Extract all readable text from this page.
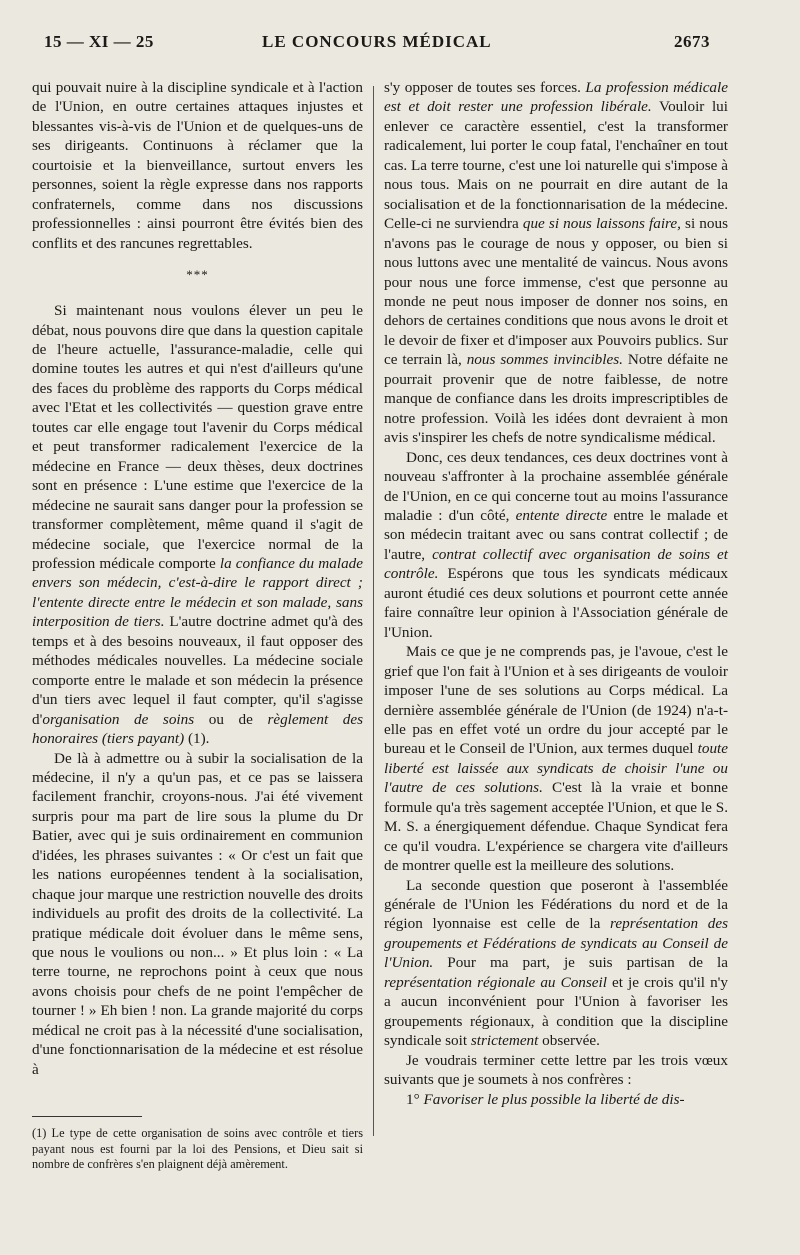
15 — XI — 25	LE CONCOURS MÉDICAL	2673

qui pouvait nuire à la discipline syndicale et à l'action de l'Union, en outre certaines attaques injustes et blessantes vis-à-vis de l'Union et de quelques-uns de ses dirigeants. Continuons à réclamer que la courtoisie et la bienveillance, surtout envers les personnes, soient la règle expresse dans nos rapports confraternels, comme dans nos discussions professionnelles : ainsi pourront être évités bien des conflits et des rancunes regrettables.

***

Si maintenant nous voulons élever un peu le débat, nous pouvons dire que dans la question capitale de l'heure actuelle, l'assurance-maladie, celle qui domine toutes les autres et qui n'est d'ailleurs qu'une des faces du problème des rapports du Corps médical avec l'Etat et les collectivités — question grave entre toutes car elle engage tout l'avenir du Corps médical et peut transformer radicalement l'exercice de la médecine en France — deux thèses, deux doctrines sont en présence : L'une estime que l'exercice de la médecine ne saurait sans danger pour la profession se transformer complètement, même quand il s'agit de médecine sociale, que l'exercice normal de la profession médicale comporte la confiance du malade envers son médecin, c'est-à-dire le rapport direct ; l'entente directe entre le médecin et son malade, sans interposition de tiers. L'autre doctrine admet qu'à des temps et à des besoins nouveaux, il faut opposer des méthodes médicales nouvelles. La médecine sociale comporte entre le malade et son médecin la présence d'un tiers avec lequel il faut compter, qu'il s'agisse d'organisation de soins ou de règlement des honoraires (tiers payant) (1).

De là à admettre ou à subir la socialisation de la médecine, il n'y a qu'un pas, et ce pas se laissera facilement franchir, croyons-nous. J'ai été vivement surpris pour ma part de lire sous la plume du Dr Batier, avec qui je suis ordinairement en communion d'idées, les phrases suivantes : « Or c'est un fait que les nations européennes tendent à la socialisation, chaque jour marque une restriction nouvelle des droits individuels au profit des droits de la collectivité. La pratique médicale doit évoluer dans le même sens, que nous le voulions ou non... » Et plus loin : « La terre tourne, ne reprochons point à ceux que nous avons choisis pour chefs de ne point l'empêcher de tourner ! » Eh bien ! non. La grande majorité du corps médical ne croit pas à la nécessité d'une socialisation, d'une fonctionnarisation de la médecine et est résolue à

s'y opposer de toutes ses forces. La profession médicale est et doit rester une profession libérale. Vouloir lui enlever ce caractère essentiel, c'est la transformer radicalement, lui porter le coup fatal, l'enchaîner en tout cas. La terre tourne, c'est une loi naturelle qui s'impose à nous tous. Mais on ne pourrait en dire autant de la socialisation et de la fonctionnarisation de la médecine. Celle-ci ne surviendra que si nous laissons faire, si nous n'avons pas le courage de nous y opposer, ou bien si nous luttons avec une mentalité de vaincus. Nous avons pour nous une force immense, c'est que personne au monde ne peut nous imposer de donner nos soins, en dehors de certaines conditions que nous avons le droit et le devoir de fixer et d'imposer aux Pouvoirs publics. Sur ce terrain là, nous sommes invincibles. Notre défaite ne pourrait provenir que de notre faiblesse, de notre manque de confiance dans les droits imprescriptibles de notre profession. Voilà les idées dont devraient à mon avis s'inspirer les chefs de notre syndicalisme médical.

Donc, ces deux tendances, ces deux doctrines vont à nouveau s'affronter à la prochaine assemblée générale de l'Union, en ce qui concerne tout au moins l'assurance maladie : d'un côté, entente directe entre le malade et son médecin traitant avec ou sans contrat collectif ; de l'autre, contrat collectif avec organisation de soins et contrôle. Espérons que tous les syndicats médicaux auront étudié ces deux solutions et pourront cette année faire connaître leur opinion à l'Association générale de l'Union.

Mais ce que je ne comprends pas, je l'avoue, c'est le grief que l'on fait à l'Union et à ses dirigeants de vouloir imposer l'une de ses solutions au Corps médical. La dernière assemblée générale de l'Union (de 1924) n'a-t-elle pas en effet voté un ordre du jour accepté par le bureau et le Conseil de l'Union, aux termes duquel toute liberté est laissée aux syndicats de choisir l'une ou l'autre de ces solutions. C'est là la vraie et bonne formule qu'a très sagement acceptée l'Union, et que le S. M. S. a énergiquement défendue. Chaque Syndicat fera ce qu'il voudra. L'expérience se chargera vite d'ailleurs de montrer quelle est la meilleure des solutions.

La seconde question que poseront à l'assemblée générale de l'Union les Fédérations du nord et de la région lyonnaise est celle de la représentation des groupements et Fédérations de syndicats au Conseil de l'Union. Pour ma part, je suis partisan de la représentation régionale au Conseil et je crois qu'il n'y a aucun inconvénient pour l'Union à favoriser les groupements régionaux, à condition que la discipline syndicale soit strictement observée.

Je voudrais terminer cette lettre par les trois vœux suivants que je soumets à nos confrères :

1° Favoriser le plus possible la liberté de dis-

(1) Le type de cette organisation de soins avec contrôle et tiers payant nous est fourni par la loi des Pensions, et Dieu sait si nombre de confrères s'en plaignent déjà amèrement.
